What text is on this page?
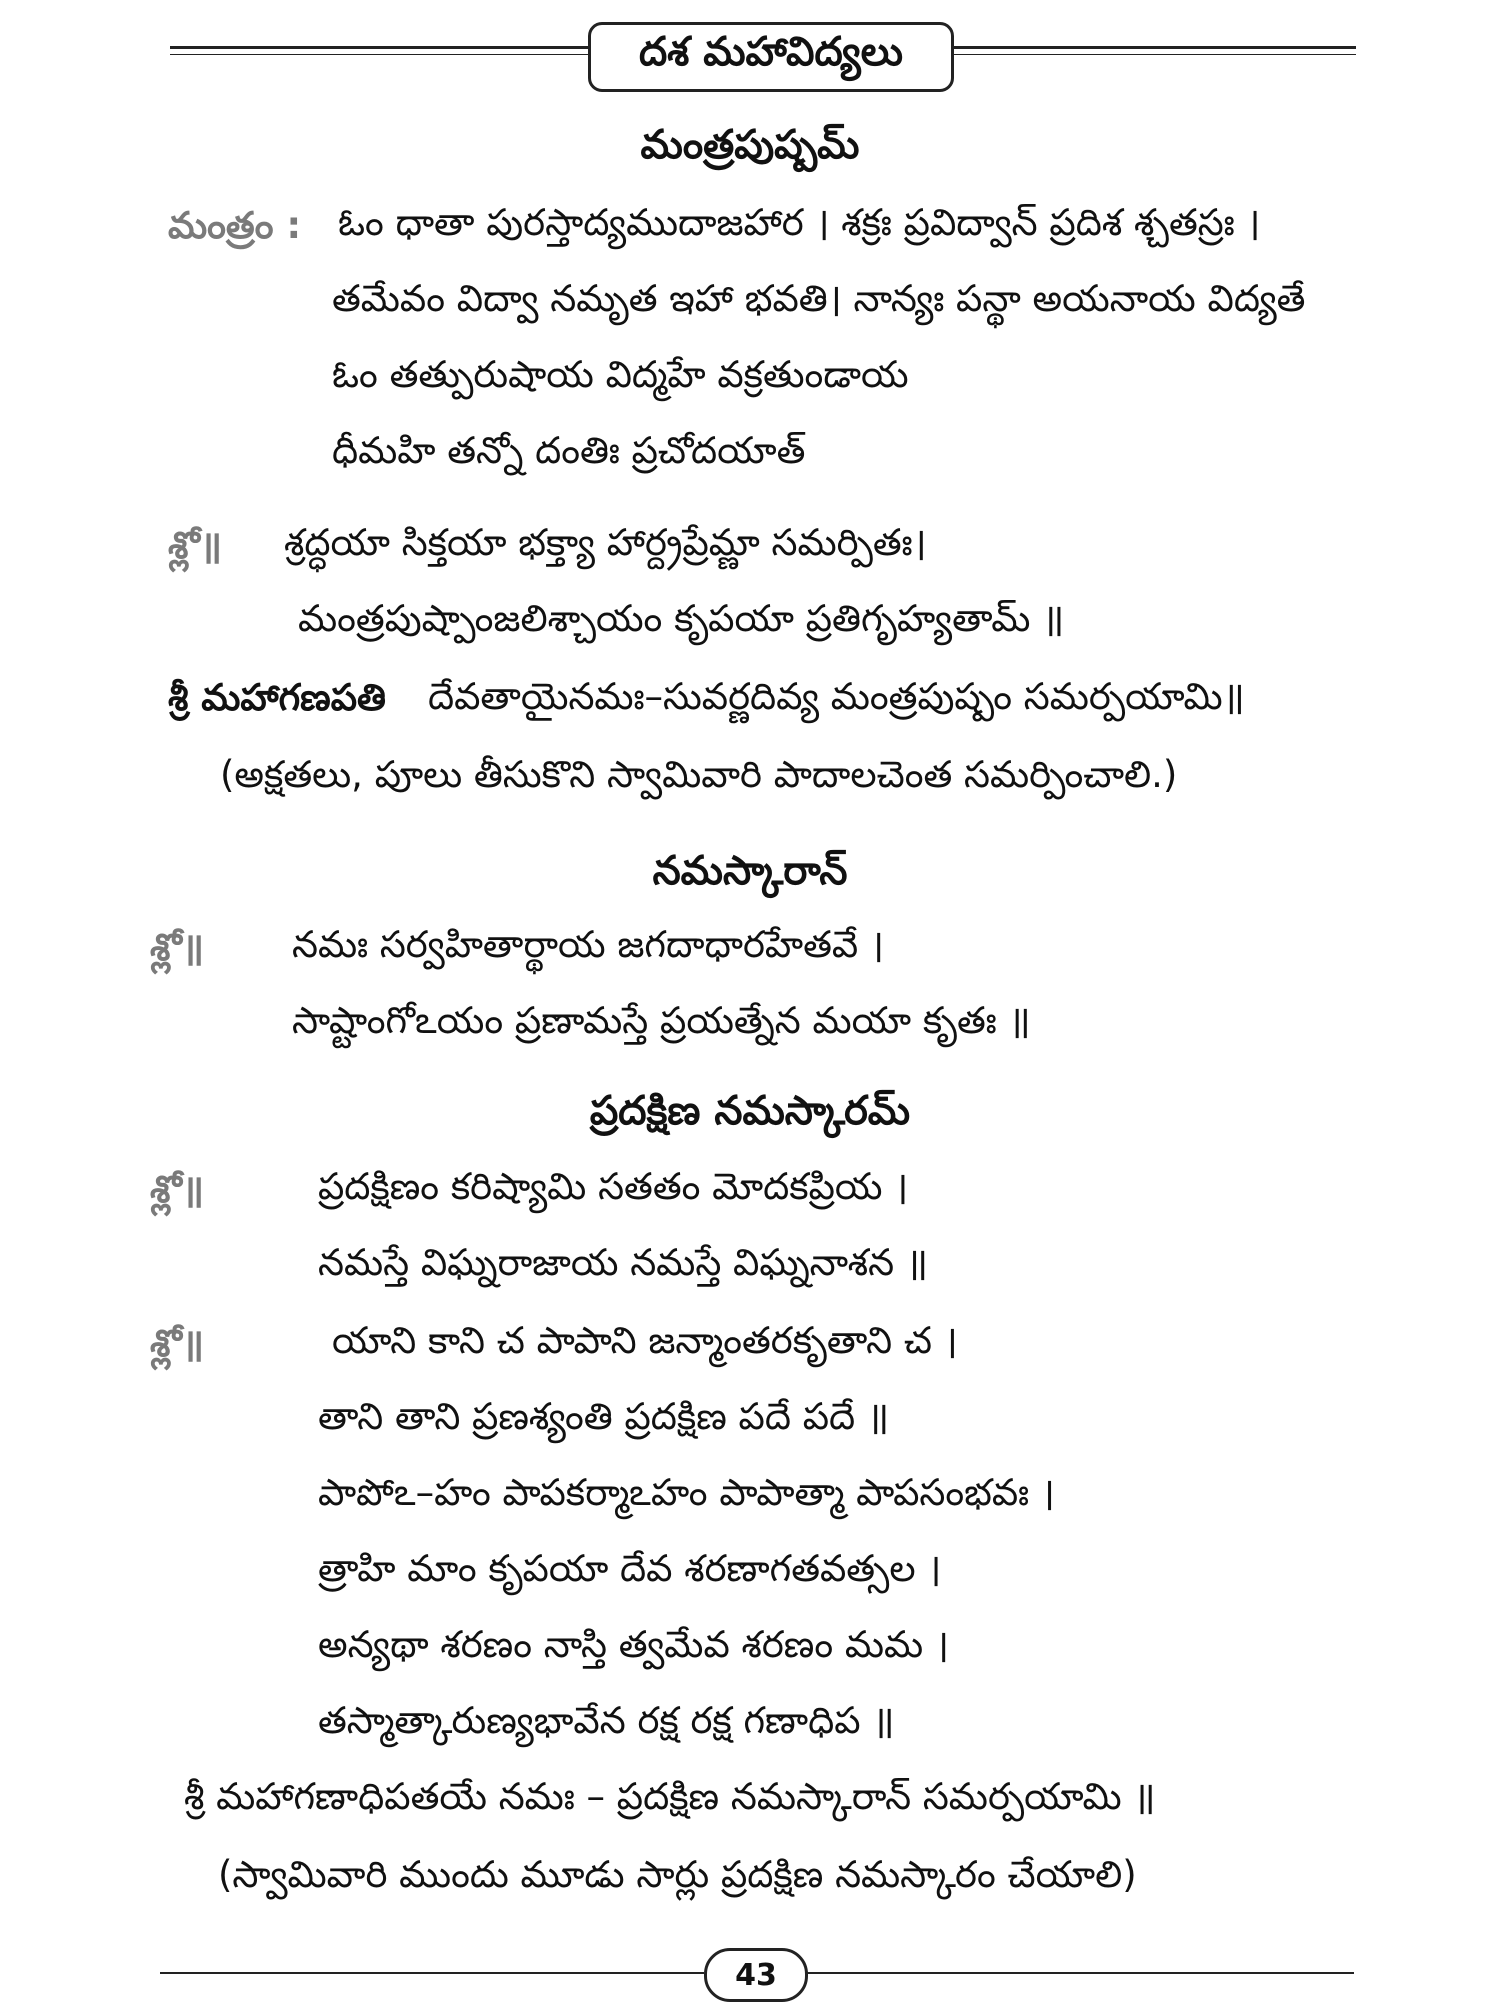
దశ మహావిద్యలు
మంత్రపుష్పమ్
మంత్రం : ఓం ధాతా పురస్తాద్యముదాజహార । శక్రః ప్రవిద్వాన్ ప్రదిశ శ్చతస్రః ।
తమేవం విద్వా నమృత ఇహా భవతి। నాన్యః పన్థా అయనాయ విద్యతే
ఓం తత్పురుషాయ విద్మహే వక్రతుండాయ
ధీమహి తన్నో దంతిః ప్రచోదయాత్
శ్లో॥ శ్రద్ధయా సిక్తయా భక్త్యా హార్ద్రప్రేమ్ణా సమర్పితః।
మంత్రపుష్పాంజలిశ్చాయం కృపయా ప్రతిగృహ్యతామ్ ॥
శ్రీ మహాగణపతి దేవతాయైనమః–సువర్ణదివ్య మంత్రపుష్పం సమర్పయామి॥
(అక్షతలు, పూలు తీసుకొని స్వామివారి పాదాలచెంత సమర్పించాలి.)
నమస్కారాన్
శ్లో॥ నమః సర్వహితార్థాయ జగదాధారహేతవే ।
సాష్టాంగోఽయం ప్రణామస్తే ప్రయత్నేన మయా కృతః ॥
ప్రదక్షిణ నమస్కారమ్
శ్లో॥	ప్రదక్షిణం కరిష్యామి సతతం మోదకప్రియ ।
నమస్తే విఘ్నరాజాయ నమస్తే విఘ్ననాశన ॥
శ్లో॥	యాని కాని చ పాపాని జన్మాంతరకృతాని చ ।
తాని తాని ప్రణశ్యంతి ప్రదక్షిణ పదే పదే ॥
పాపోఽ–హం పాపకర్మాఽహం పాపాత్మా పాపసంభవః ।
త్రాహి మాం కృపయా దేవ శరణాగతవత్సల ।
అన్యథా శరణం నాస్తి త్వమేవ శరణం మమ ।
తస్మాత్కారుణ్యభావేన రక్ష రక్ష గణాధిప ॥
శ్రీ మహాగణాధిపతయే నమః – ప్రదక్షిణ నమస్కారాన్ సమర్పయామి ॥
(స్వామివారి ముందు మూడు సార్లు ప్రదక్షిణ నమస్కారం చేయాలి)
43
